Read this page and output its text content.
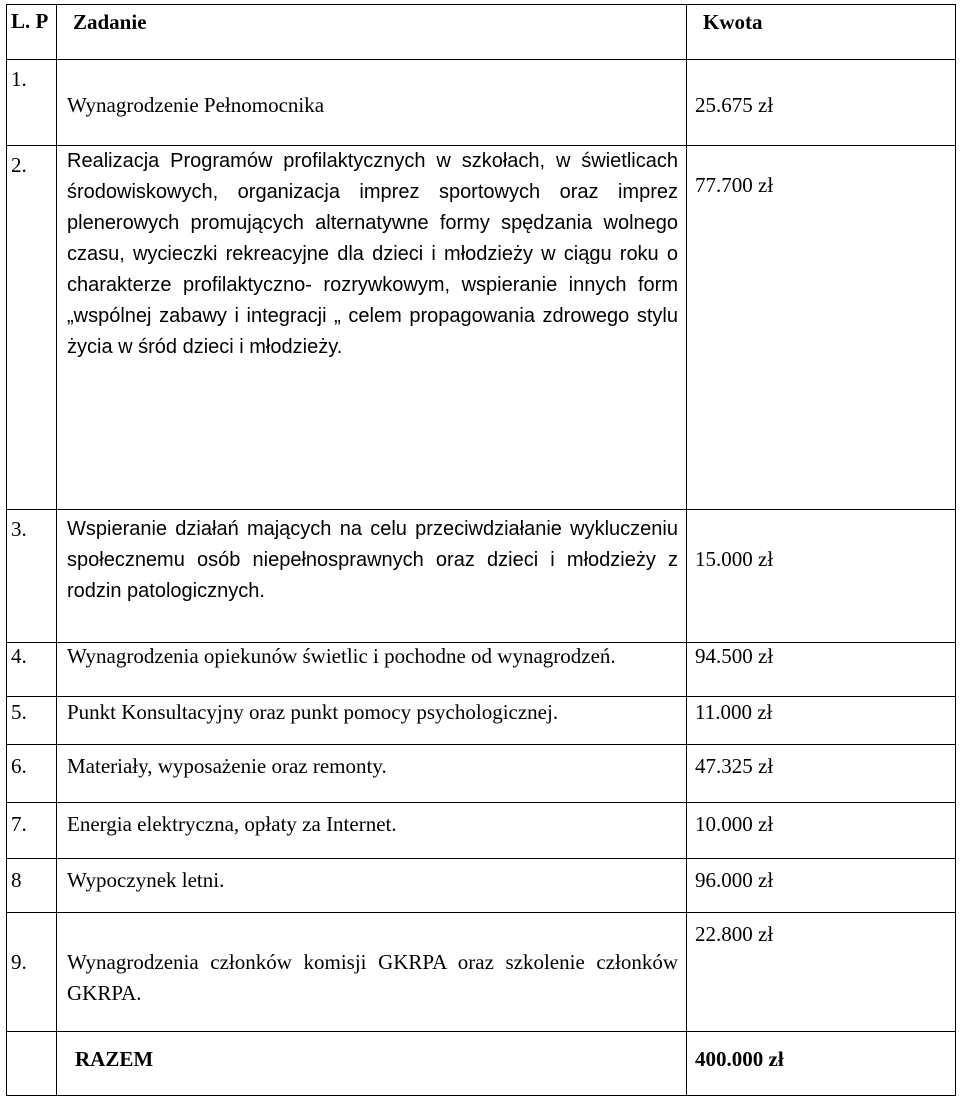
L. P	Zadanie	Kwota
1.	Wynagrodzenie Pełnomocnika	25.675 zł
2.	Realizacja Programów profilaktycznych w szkołach, w świetlicach środowiskowych, organizacja imprez sportowych oraz imprez plenerowych promujących alternatywne formy spędzania wolnego czasu, wycieczki rekreacyjne dla dzieci i młodzieży w ciągu roku o charakterze profilaktyczno- rozrywkowym, wspieranie innych form „wspólnej zabawy i integracji „ celem propagowania zdrowego stylu życia w śród dzieci i młodzieży.	77.700 zł
3.	Wspieranie działań mających na celu przeciwdziałanie wykluczeniu społecznemu osób niepełnosprawnych oraz dzieci i młodzieży z rodzin patologicznych.	15.000 zł
4.	Wynagrodzenia opiekunów świetlic i pochodne od wynagrodzeń.	94.500 zł
5.	Punkt Konsultacyjny oraz punkt pomocy psychologicznej.	11.000 zł
6.	Materiały, wyposażenie oraz remonty.	47.325 zł
7.	Energia elektryczna, opłaty za Internet.	10.000 zł
8	Wypoczynek letni.	96.000 zł
9.	Wynagrodzenia członków komisji GKRPA oraz szkolenie członków GKRPA.	22.800 zł
	RAZEM	400.000 zł
